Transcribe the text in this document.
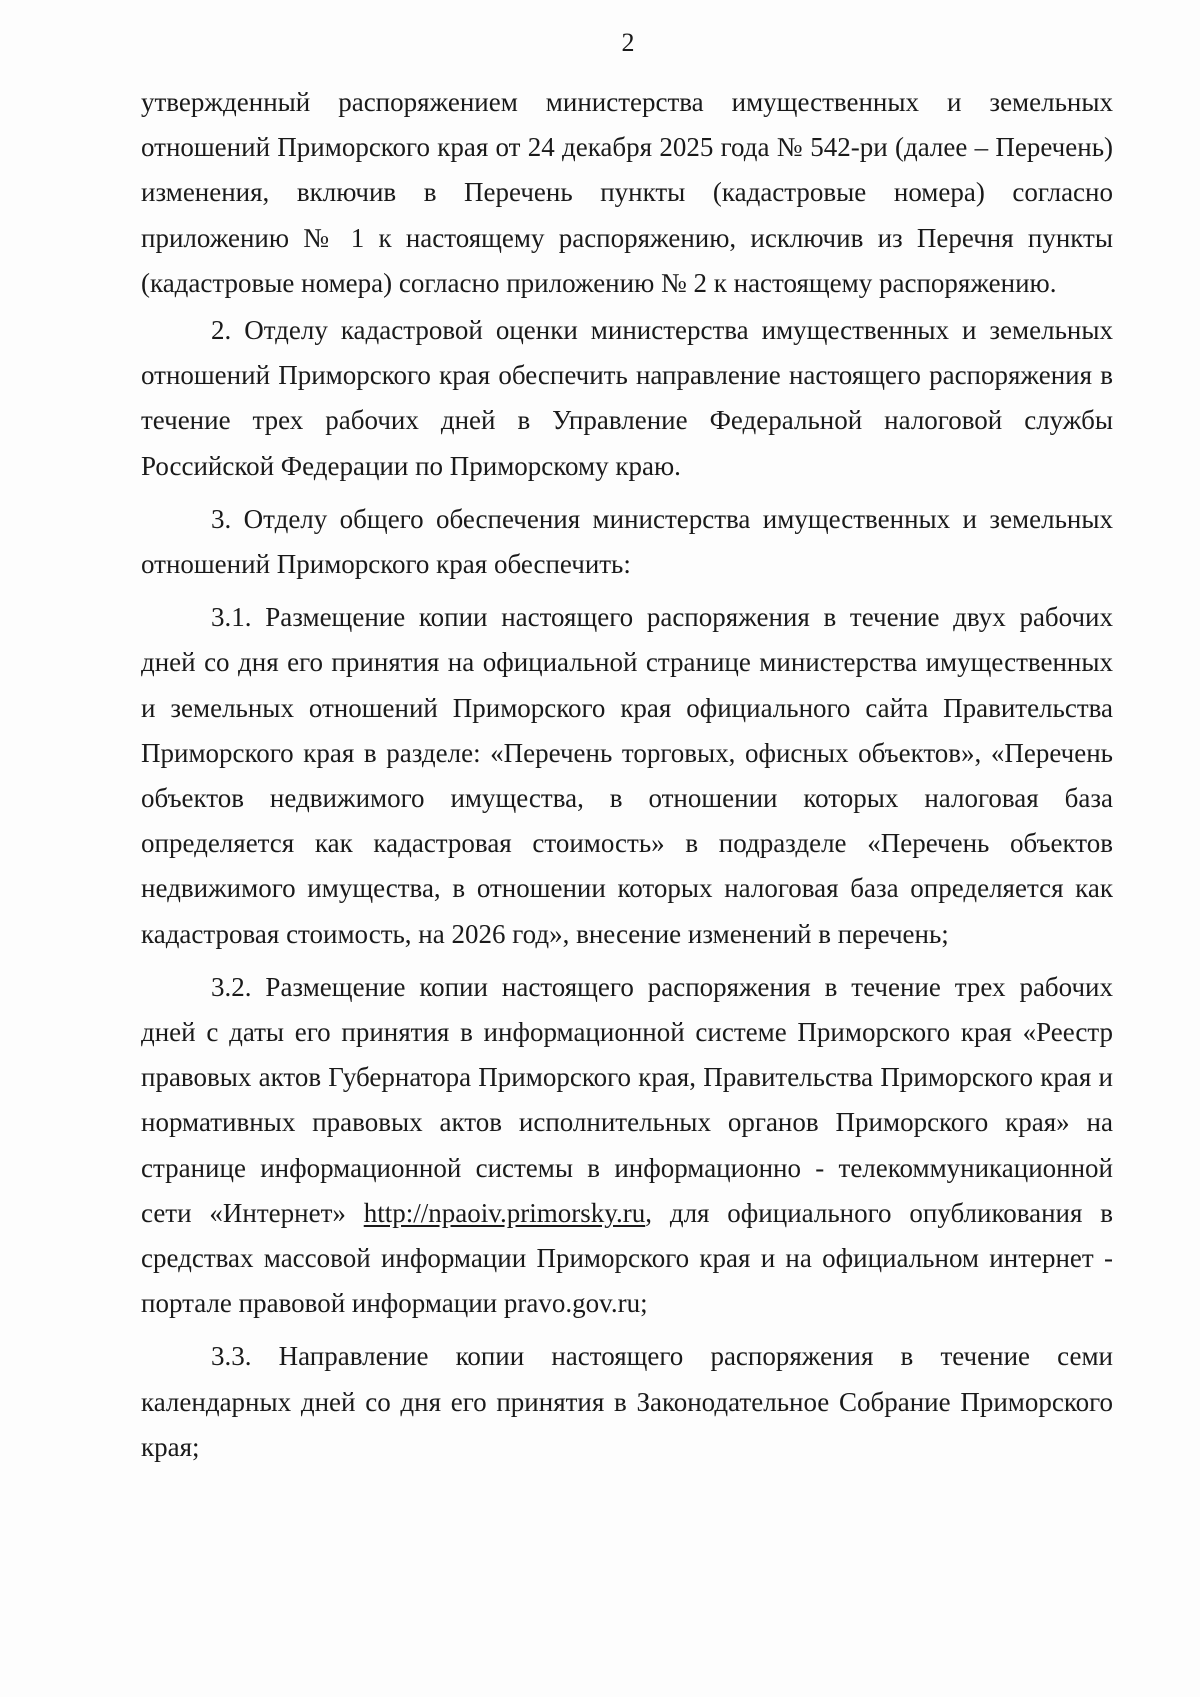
2

утвержденный распоряжением министерства имущественных и земельных отношений Приморского края от 24 декабря 2025 года № 542-ри (далее – Перечень) изменения, включив в Перечень пункты (кадастровые номера) согласно приложению № 1 к настоящему распоряжению, исключив из Перечня пункты (кадастровые номера) согласно приложению № 2 к настоящему распоряжению.

2. Отделу кадастровой оценки министерства имущественных и земельных отношений Приморского края обеспечить направление настоящего распоряжения в течение трех рабочих дней в Управление Федеральной налоговой службы Российской Федерации по Приморскому краю.

3. Отделу общего обеспечения министерства имущественных и земельных отношений Приморского края обеспечить:

3.1. Размещение копии настоящего распоряжения в течение двух рабочих дней со дня его принятия на официальной странице министерства имущественных и земельных отношений Приморского края официального сайта Правительства Приморского края в разделе: «Перечень торговых, офисных объектов», «Перечень объектов недвижимого имущества, в отношении которых налоговая база определяется как кадастровая стоимость» в подразделе «Перечень объектов недвижимого имущества, в отношении которых налоговая база определяется как кадастровая стоимость, на 2026 год», внесение изменений в перечень;

3.2. Размещение копии настоящего распоряжения в течение трех рабочих дней с даты его принятия в информационной системе Приморского края «Реестр правовых актов Губернатора Приморского края, Правительства Приморского края и нормативных правовых актов исполнительных органов Приморского края» на странице информационной системы в информационно - телекоммуникационной сети «Интернет» http://npaoiv.primorsky.ru, для официального опубликования в средствах массовой информации Приморского края и на официальном интернет - портале правовой информации pravo.gov.ru;

3.3. Направление копии настоящего распоряжения в течение семи календарных дней со дня его принятия в Законодательное Собрание Приморского края;
